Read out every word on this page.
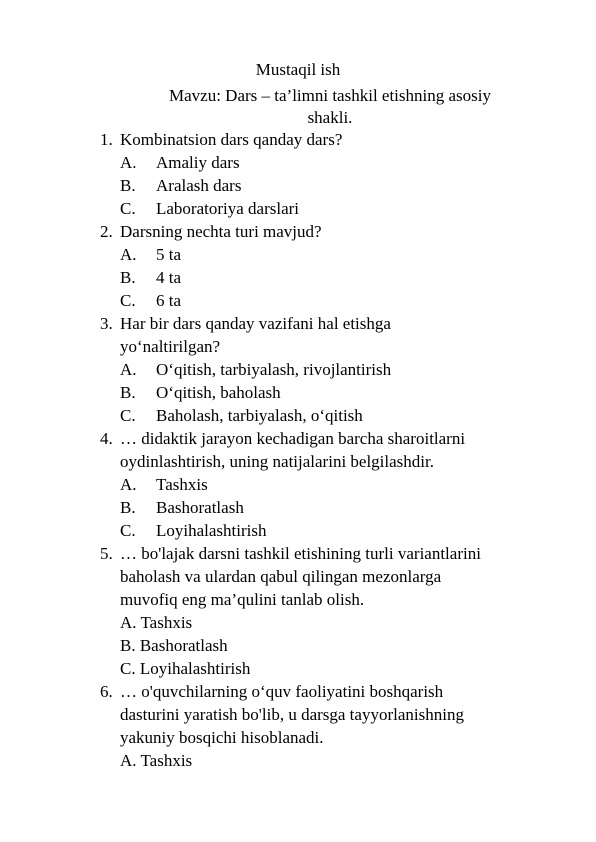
Mustaqil ish
Mavzu: Dars – ta’limni tashkil etishning asosiy
shakli.
1. Kombinatsion dars qanday dars?
A. Amaliy dars
B. Aralash dars
C. Laboratoriya darslari
2. Darsning nechta turi mavjud?
A. 5 ta
B. 4 ta
C. 6 ta
3. Har bir dars qanday vazifani hal etishga
yo‘naltirilgan?
A. O‘qitish, tarbiyalash, rivojlantirish
B. O‘qitish, baholash
C. Baholash, tarbiyalash, o‘qitish
4. … didaktik jarayon kechadigan barcha sharoitlarni
oydinlashtirish, uning natijalarini belgilashdir.
A. Tashxis
B. Bashoratlash
C. Loyihalashtirish
5. … bo'lajak darsni tashkil etishining turli variantlarini
baholash va ulardan qabul qilingan mezonlarga
muvofiq eng ma’qulini tanlab olish.
A. Tashxis
B. Bashoratlash
C. Loyihalashtirish
6. … o'quvchilarning o‘quv faoliyatini boshqarish
dasturini yaratish bo'lib, u darsga tayyorlanishning
yakuniy bosqichi hisoblanadi.
A. Tashxis
